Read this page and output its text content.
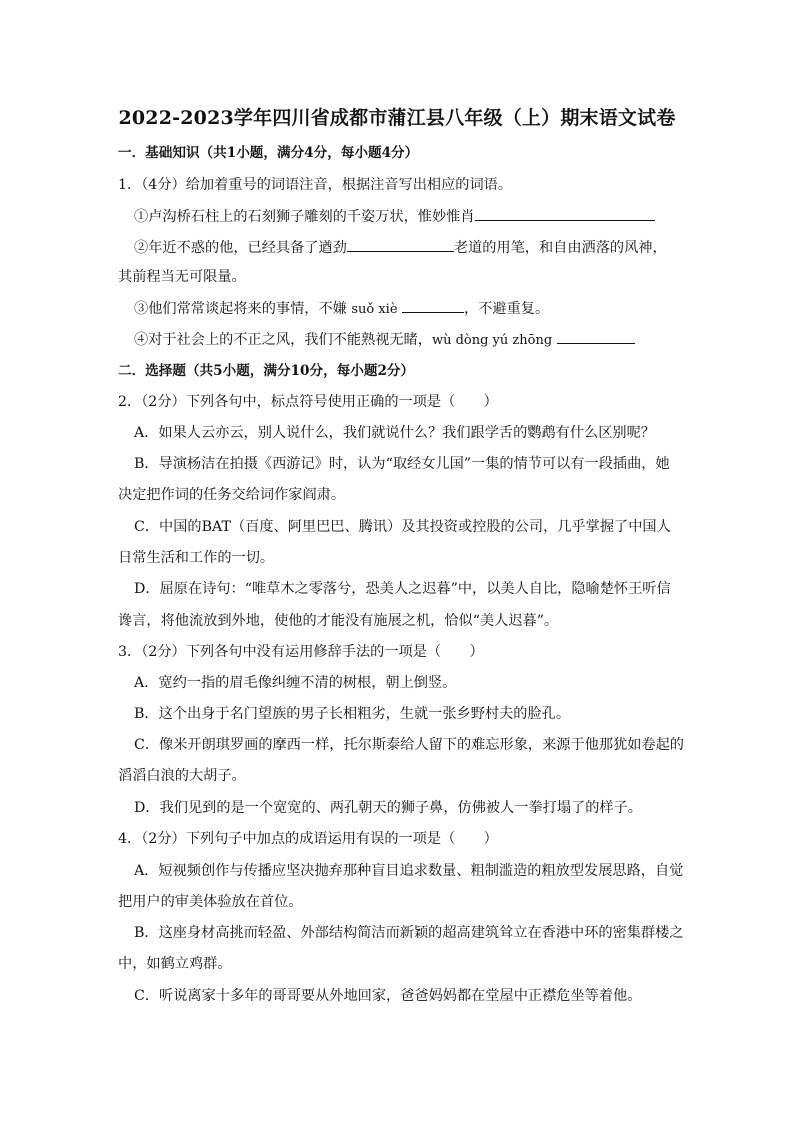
2022-2023学年四川省成都市蒲江县八年级（上）期末语文试卷
一．基础知识（共1小题，满分4分，每小题4分）
1．（4分）给加着重号的词语注音，根据注音写出相应的词语。
①卢沟桥石柱上的石刻狮子雕刻的千姿万状，惟妙惟肖
②年近不惑的他，已经具备了遒劲	老道的用笔，和自由洒落的风神，
其前程当无可限量。
③他们常常谈起将来的事情，不嫌 suǒ xiè	，不避重复。
④对于社会上的不正之风，我们不能熟视无睹，wù dòng yú zhōng
二．选择题（共5小题，满分10分，每小题2分）
2．（2分）下列各句中，标点符号使用正确的一项是（　　）
A．如果人云亦云，别人说什么，我们就说什么？我们跟学舌的鹦鹉有什么区别呢？
B．导演杨洁在拍摄《西游记》时，认为“取经女儿国”一集的情节可以有一段插曲，她
决定把作词的任务交给词作家阎肃。
C．中国的BAT（百度、阿里巴巴、腾讯）及其投资或控股的公司，几乎掌握了中国人
日常生活和工作的一切。
D．屈原在诗句：“唯草木之零落兮，恐美人之迟暮”中，以美人自比，隐喻楚怀王听信
谗言，将他流放到外地，使他的才能没有施展之机，恰似“美人迟暮”。
3．（2分）下列各句中没有运用修辞手法的一项是（　　）
A．宽约一指的眉毛像纠缠不清的树根，朝上倒竖。
B．这个出身于名门望族的男子长相粗劣，生就一张乡野村夫的脸孔。
C．像米开朗琪罗画的摩西一样，托尔斯泰给人留下的难忘形象，来源于他那犹如卷起的
滔滔白浪的大胡子。
D．我们见到的是一个宽宽的、两孔朝天的狮子鼻，仿佛被人一拳打塌了的样子。
4．（2分）下列句子中加点的成语运用有误的一项是（　　）
A．短视频创作与传播应坚决抛弃那种盲目追求数量、粗制滥造的粗放型发展思路，自觉
把用户的审美体验放在首位。
B．这座身材高挑而轻盈、外部结构简洁而新颖的超高建筑耸立在香港中环的密集群楼之
中，如鹤立鸡群。
C．听说离家十多年的哥哥要从外地回家，爸爸妈妈都在堂屋中正襟危坐等着他。
